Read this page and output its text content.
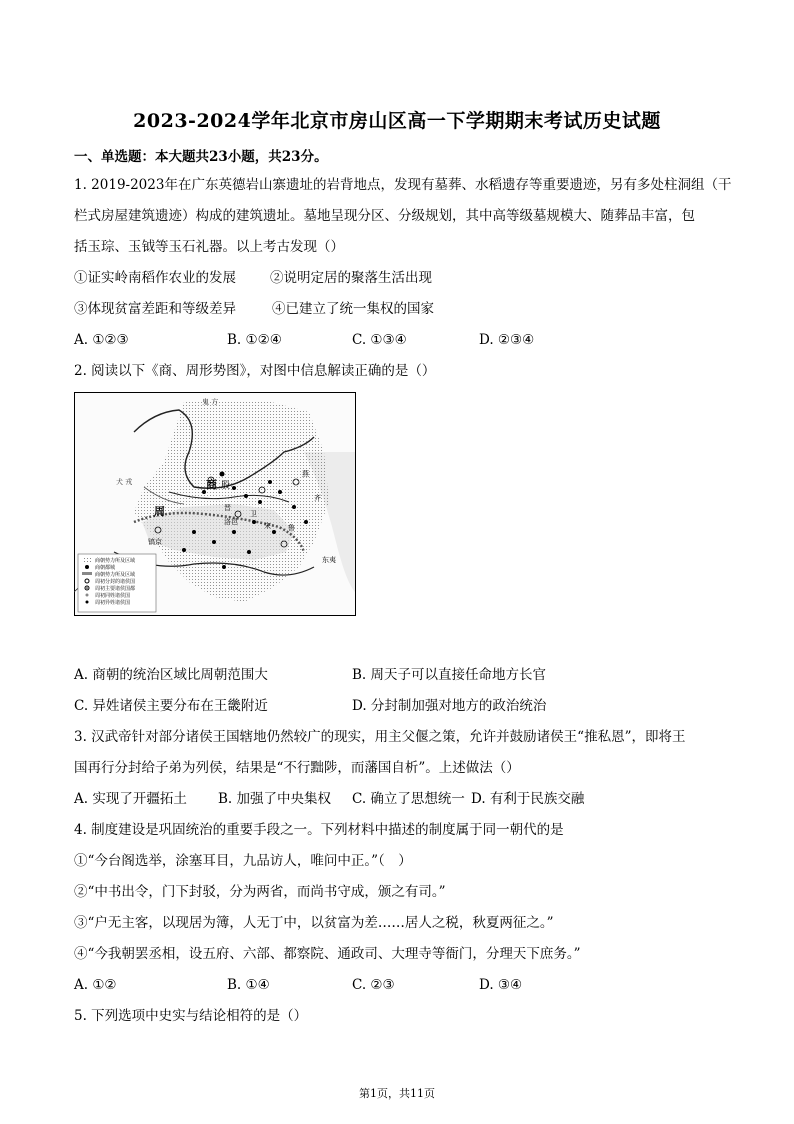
2023-2024学年北京市房山区高一下学期期末考试历史试题
一、单选题：本大题共23小题，共23分。
1. 2019-2023年在广东英德岩山寨遗址的岩背地点，发现有墓葬、水稻遗存等重要遗迹，另有多处柱洞组（干
栏式房屋建筑遗迹）构成的建筑遗址。墓地呈现分区、分级规划，其中高等级墓规模大、随葬品丰富，包
括玉琮、玉钺等玉石礼器。以上考古发现（）
①证实岭南稻作农业的发展	②说明定居的聚落生活出现
③体现贫富差距和等级差异	④已建立了统一集权的国家
A. ①②③	B. ①②④	C. ①③④	D. ②③④
2. 阅读以下《商、周形势图》，对图中信息解读正确的是（）
鬼 方
商 殷
周
镐京
犬 戎
晋
燕
鲁
宋
卫
齐
洛邑
东夷
商朝势力所及区域
商朝都城
商朝势力所及区域
周初分封的诸侯国
周初主要诸侯国都
周初同姓诸侯国
周初异姓诸侯国
A. 商朝的统治区域比周朝范围大	B. 周天子可以直接任命地方长官
C. 异姓诸侯主要分布在王畿附近	D. 分封制加强对地方的政治统治
3. 汉武帝针对部分诸侯王国辖地仍然较广的现实，用主父偃之策，允许并鼓励诸侯王“推私恩”，即将王
国再行分封给子弟为列侯，结果是“不行黜陟，而藩国自析”。上述做法（）
A. 实现了开疆拓土 B. 加强了中央集权 C. 确立了思想统一 D. 有利于民族交融
4. 制度建设是巩固统治的重要手段之一。下列材料中描述的制度属于同一朝代的是
①“今台阁选举，涂塞耳目，九品访人，唯问中正。”（　）
②“中书出令，门下封驳，分为两省，而尚书守成，颁之有司。”
③“户无主客，以现居为簿，人无丁中，以贫富为差……居人之税，秋夏两征之。”
④“今我朝罢丞相，设五府、六部、都察院、通政司、大理寺等衙门，分理天下庶务。”
A. ①②	B. ①④	C. ②③	D. ③④
5. 下列选项中史实与结论相符的是（）
第1页，共11页
